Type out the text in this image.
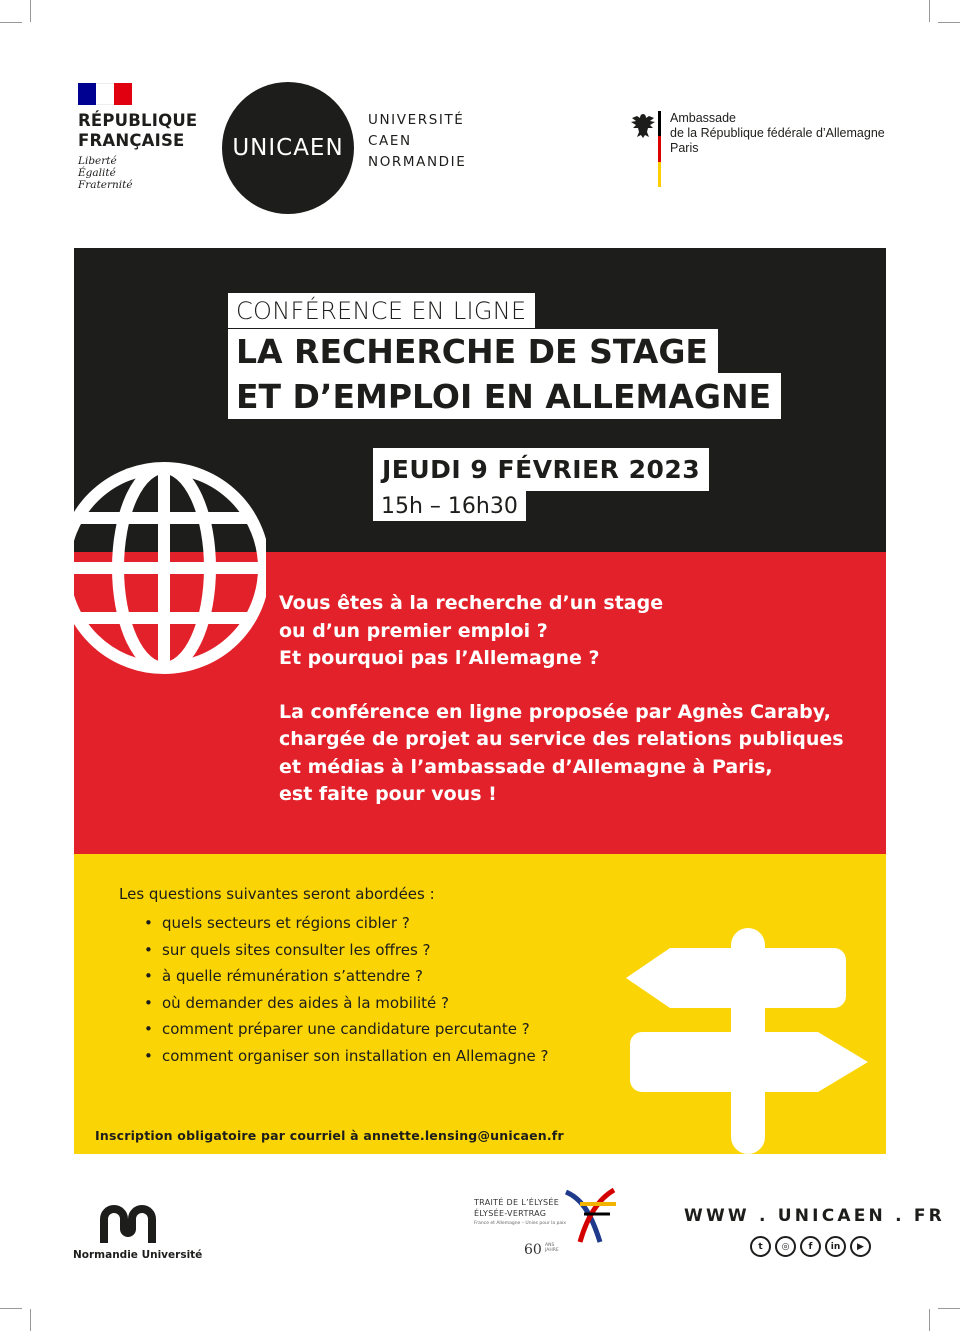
RÉPUBLIQUE
FRANÇAISE
Liberté
Égalité
Fraternité
UNICAEN
UNIVERSITÉ
CAEN
NORMANDIE
Ambassade
de la République fédérale d’Allemagne
Paris
CONFÉRENCE EN LIGNE
LA RECHERCHE DE STAGE
ET D’EMPLOI EN ALLEMAGNE
JEUDI 9 FÉVRIER 2023
15h – 16h30

Vous êtes à la recherche d’un stage
ou d’un premier emploi ?
Et pourquoi pas l’Allemagne ?

La conférence en ligne proposée par Agnès Caraby,
chargée de projet au service des relations publiques
et médias à l’ambassade d’Allemagne à Paris,
est faite pour vous !

Les questions suivantes seront abordées :
• quels secteurs et régions cibler ?
• sur quels sites consulter les offres ?
• à quelle rémunération s’attendre ?
• où demander des aides à la mobilité ?
• comment préparer une candidature percutante ?
• comment organiser son installation en Allemagne ?
Inscription obligatoire par courriel à annette.lensing@unicaen.fr
Normandie Université
TRAITÉ DE L’ÉLYSÉE
ÉLYSÉE-VERTRAG
France et Allemagne – Unies pour la paix
60 ANS
JAHRE
WWW . UNICAEN . FR
t	◎	f	in	▶
